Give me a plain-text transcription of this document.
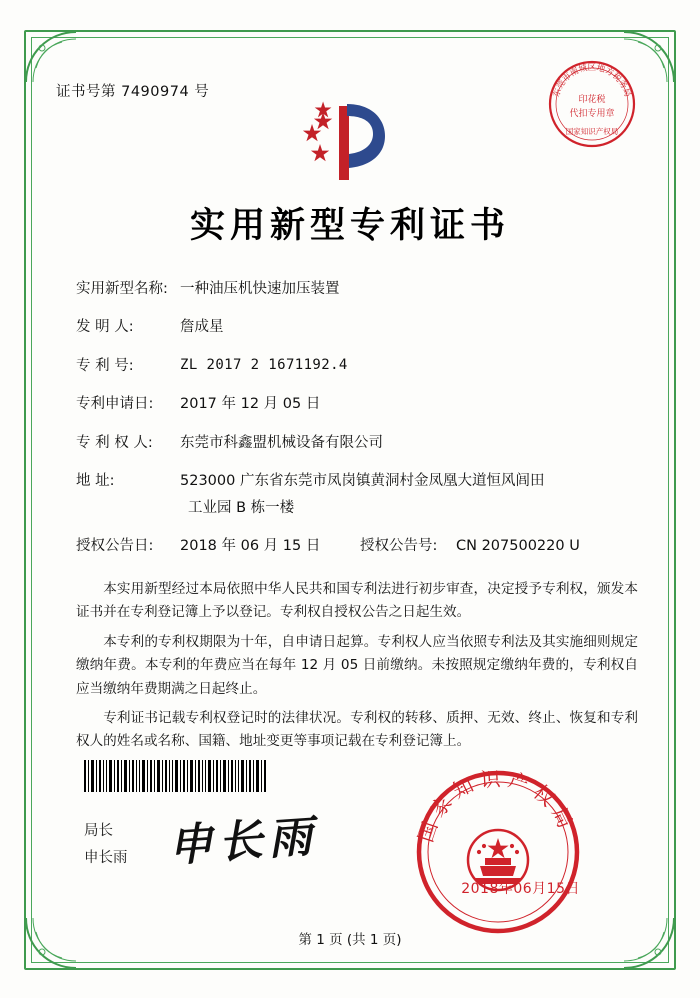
证书号第 7490974 号	东莞市南城区地方税务局
印花税
代扣专用章
国家知识产权局
实用新型专利证书
实用新型名称: 一种油压机快速加压装置
发 明 人:	詹成星
专 利 号:	ZL 2017 2 1671192.4
专利申请日:	2017 年 12 月 05 日
专 利 权 人:	东莞市科鑫盟机械设备有限公司
地 址:	523000 广东省东莞市凤岗镇黄洞村金凤凰大道恒风闾田
工业园 B 栋一楼
授权公告日:	2018 年 06 月 15 日	授权公告号:	CN 207500220 U

本实用新型经过本局依照中华人民共和国专利法进行初步审查，决定授予专利权，颁发本证书并在专利登记簿上予以登记。专利权自授权公告之日起生效。

本专利的专利权期限为十年，自申请日起算。专利权人应当依照专利法及其实施细则规定缴纳年费。本专利的年费应当在每年 12 月 05 日前缴纳。未按照规定缴纳年费的，专利权自应当缴纳年费期满之日起终止。

专利证书记载专利权登记时的法律状况。专利权的转移、质押、无效、终止、恢复和专利权人的姓名或名称、国籍、地址变更等事项记载在专利登记簿上。

局长
申长雨 申长雨	国家知识产权局
2018年06月15日
第 1 页 (共 1 页)
